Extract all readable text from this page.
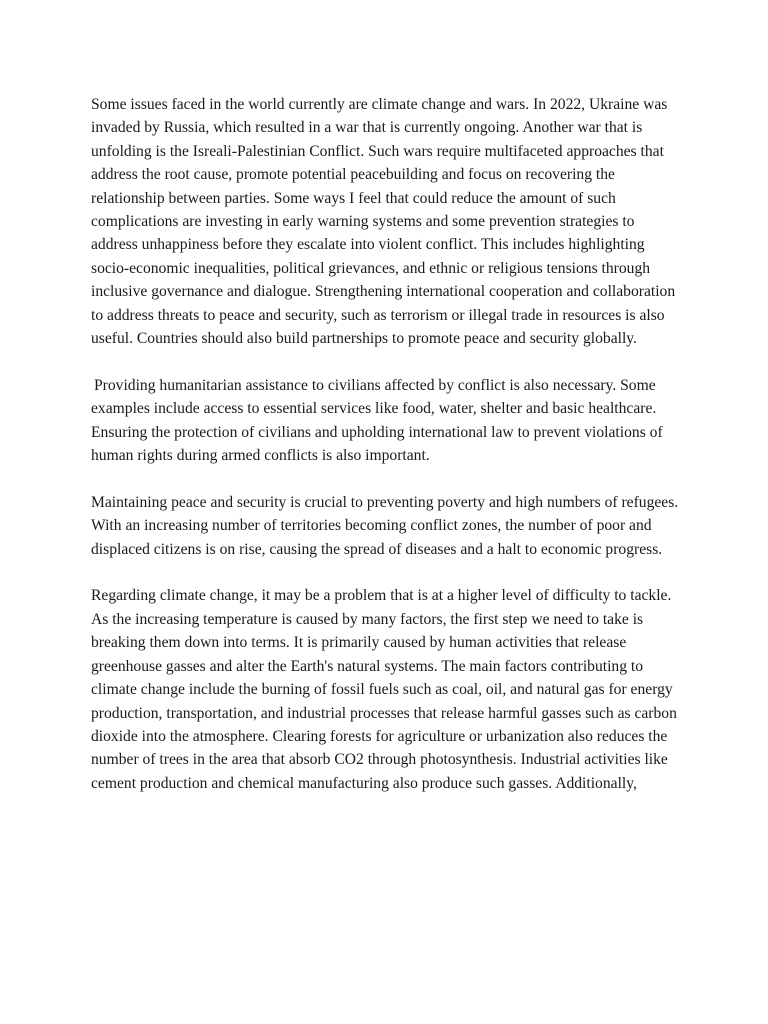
Some issues faced in the world currently are climate change and wars. In 2022, Ukraine was invaded by Russia, which resulted in a war that is currently ongoing. Another war that is unfolding is the Isreali-Palestinian Conflict. Such wars require multifaceted approaches that address the root cause, promote potential peacebuilding and focus on recovering the relationship between parties. Some ways I feel that could reduce the amount of such complications are investing in early warning systems and some prevention strategies to address unhappiness before they escalate into violent conflict. This includes highlighting socio-economic inequalities, political grievances, and ethnic or religious tensions through inclusive governance and dialogue. Strengthening international cooperation and collaboration to address threats to peace and security, such as terrorism or illegal trade in resources is also useful. Countries should also build partnerships to promote peace and security globally.

Providing humanitarian assistance to civilians affected by conflict is also necessary. Some examples include access to essential services like food, water, shelter and basic healthcare. Ensuring the protection of civilians and upholding international law to prevent violations of human rights during armed conflicts is also important.

Maintaining peace and security is crucial to preventing poverty and high numbers of refugees. With an increasing number of territories becoming conflict zones, the number of poor and displaced citizens is on rise, causing the spread of diseases and a halt to economic progress.

Regarding climate change, it may be a problem that is at a higher level of difficulty to tackle. As the increasing temperature is caused by many factors, the first step we need to take is breaking them down into terms. It is primarily caused by human activities that release greenhouse gasses and alter the Earth's natural systems. The main factors contributing to climate change include the burning of fossil fuels such as coal, oil, and natural gas for energy production, transportation, and industrial processes that release harmful gasses such as carbon dioxide into the atmosphere. Clearing forests for agriculture or urbanization also reduces the number of trees in the area that absorb CO2 through photosynthesis. Industrial activities like cement production and chemical manufacturing also produce such gasses. Additionally,
